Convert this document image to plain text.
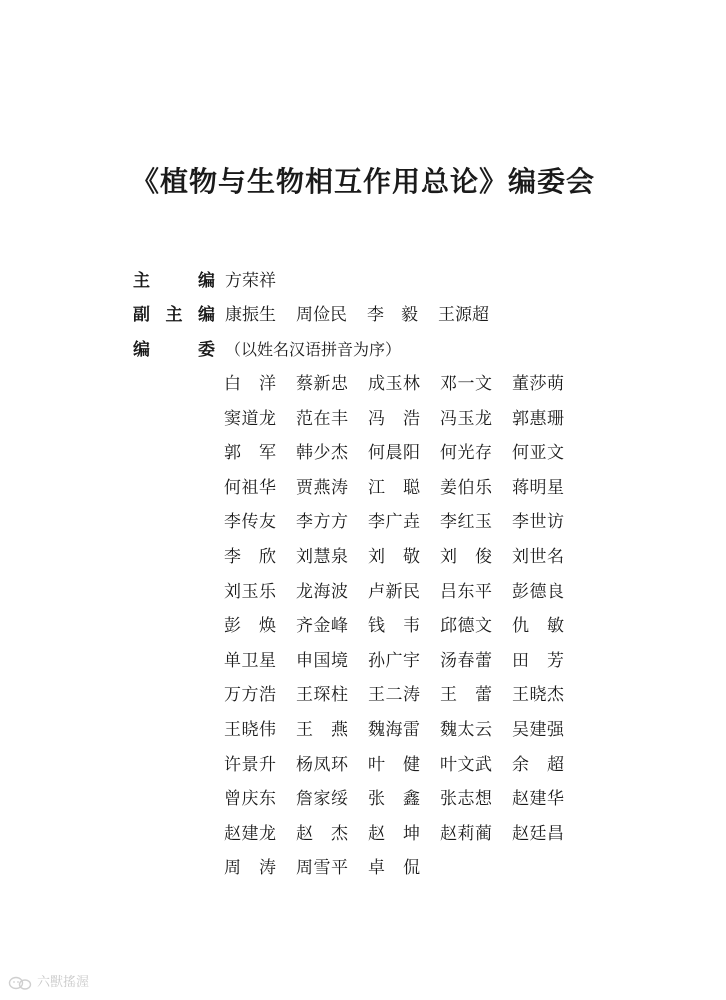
《植物与生物相互作用总论》编委会
主　编 方荣祥
副主编 康振生 周俭民 李　毅 王源超
编　委 （以姓名汉语拼音为序）
白　洋 蔡新忠 成玉林 邓一文 董莎萌
窦道龙 范在丰 冯　浩 冯玉龙 郭惠珊
郭　军 韩少杰 何晨阳 何光存 何亚文
何祖华 贾燕涛 江　聪 姜伯乐 蒋明星
李传友 李方方 李广垚 李红玉 李世访
李　欣 刘慧泉 刘　敬 刘　俊 刘世名
刘玉乐 龙海波 卢新民 吕东平 彭德良
彭　焕 齐金峰 钱　韦 邱德文 仇　敏
单卫星 申国境 孙广宇 汤春蕾 田　芳
万方浩 王琛柱 王二涛 王　蕾 王晓杰
王晓伟 王　燕 魏海雷 魏太云 吴建强
许景升 杨凤环 叶　健 叶文武 余　超
曾庆东 詹家绥 张　鑫 张志想 赵建华
赵建龙 赵　杰 赵　坤 赵莉蔺 赵廷昌
周　涛 周雪平 卓　侃
六獸搖渥
